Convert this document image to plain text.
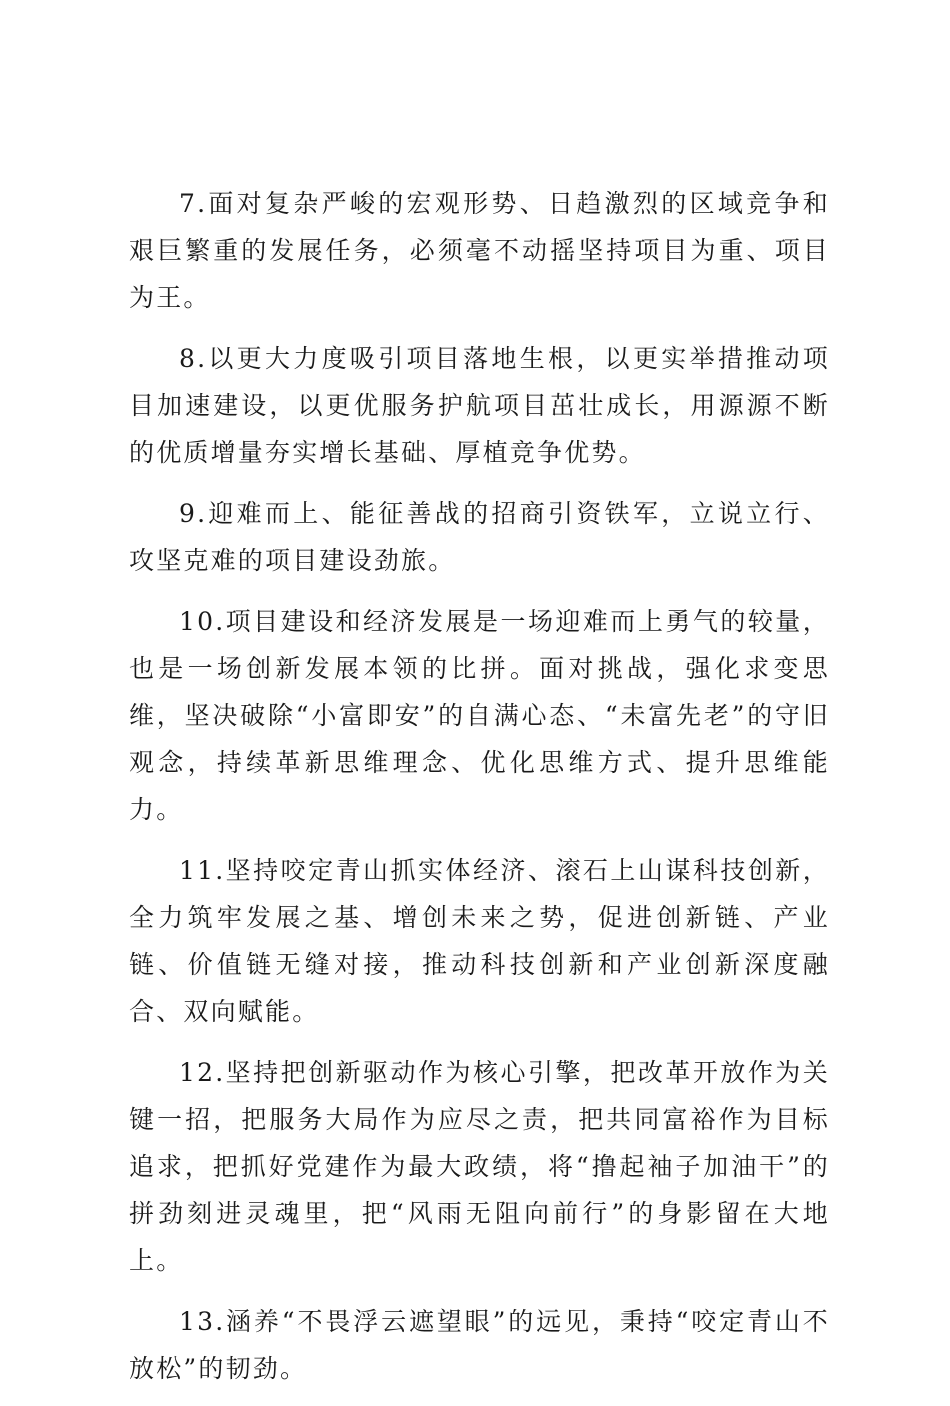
7.面对复杂严峻的宏观形势、日趋激烈的区域竞争和艰巨繁重的发展任务，必须毫不动摇坚持项目为重、项目为王。

8.以更大力度吸引项目落地生根，以更实举措推动项目加速建设，以更优服务护航项目茁壮成长，用源源不断的优质增量夯实增长基础、厚植竞争优势。

9.迎难而上、能征善战的招商引资铁军，立说立行、攻坚克难的项目建设劲旅。

10.项目建设和经济发展是一场迎难而上勇气的较量，也是一场创新发展本领的比拼。面对挑战，强化求变思维，坚决破除“小富即安”的自满心态、“未富先老”的守旧观念，持续革新思维理念、优化思维方式、提升思维能力。

11.坚持咬定青山抓实体经济、滚石上山谋科技创新，全力筑牢发展之基、增创未来之势，促进创新链、产业链、价值链无缝对接，推动科技创新和产业创新深度融合、双向赋能。

12.坚持把创新驱动作为核心引擎，把改革开放作为关键一招，把服务大局作为应尽之责，把共同富裕作为目标追求，把抓好党建作为最大政绩，将“撸起袖子加油干”的拼劲刻进灵魂里，把“风雨无阻向前行”的身影留在大地上。

13.涵养“不畏浮云遮望眼”的远见，秉持“咬定青山不放松”的韧劲。
